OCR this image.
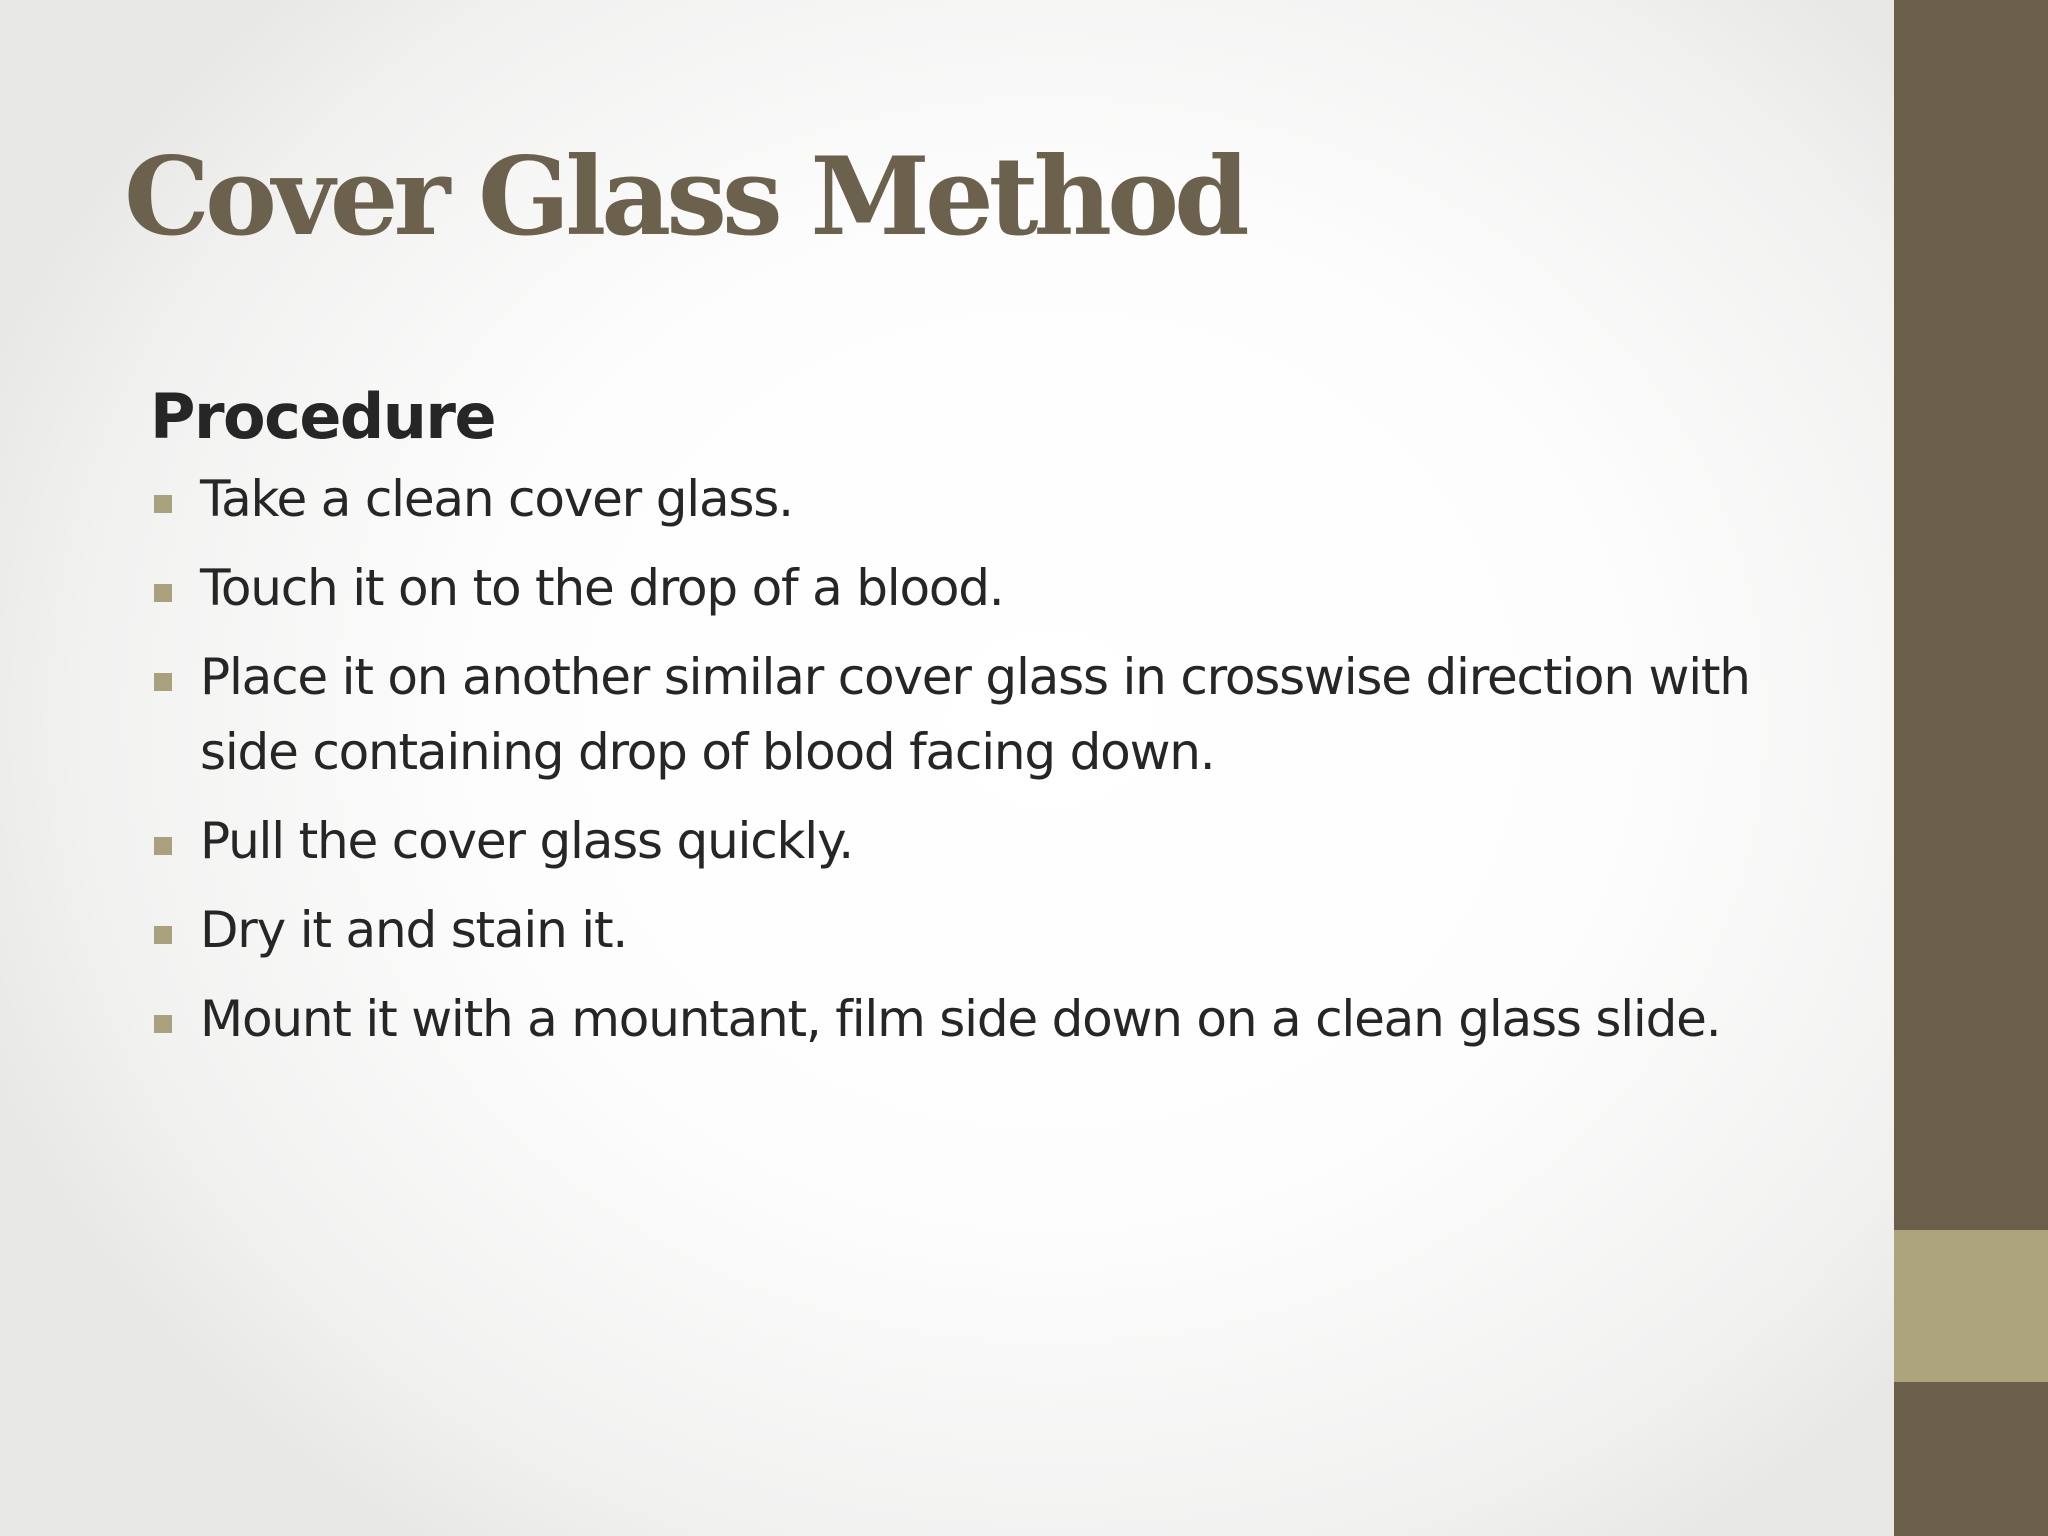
Cover Glass Method
Procedure
Take a clean cover glass.
Touch it on to the drop of a blood.
Place it on another similar cover glass in crosswise direction with side containing drop of blood facing down.
Pull the cover glass quickly.
Dry it and stain it.
Mount it with a mountant, film side down on a clean glass slide.
